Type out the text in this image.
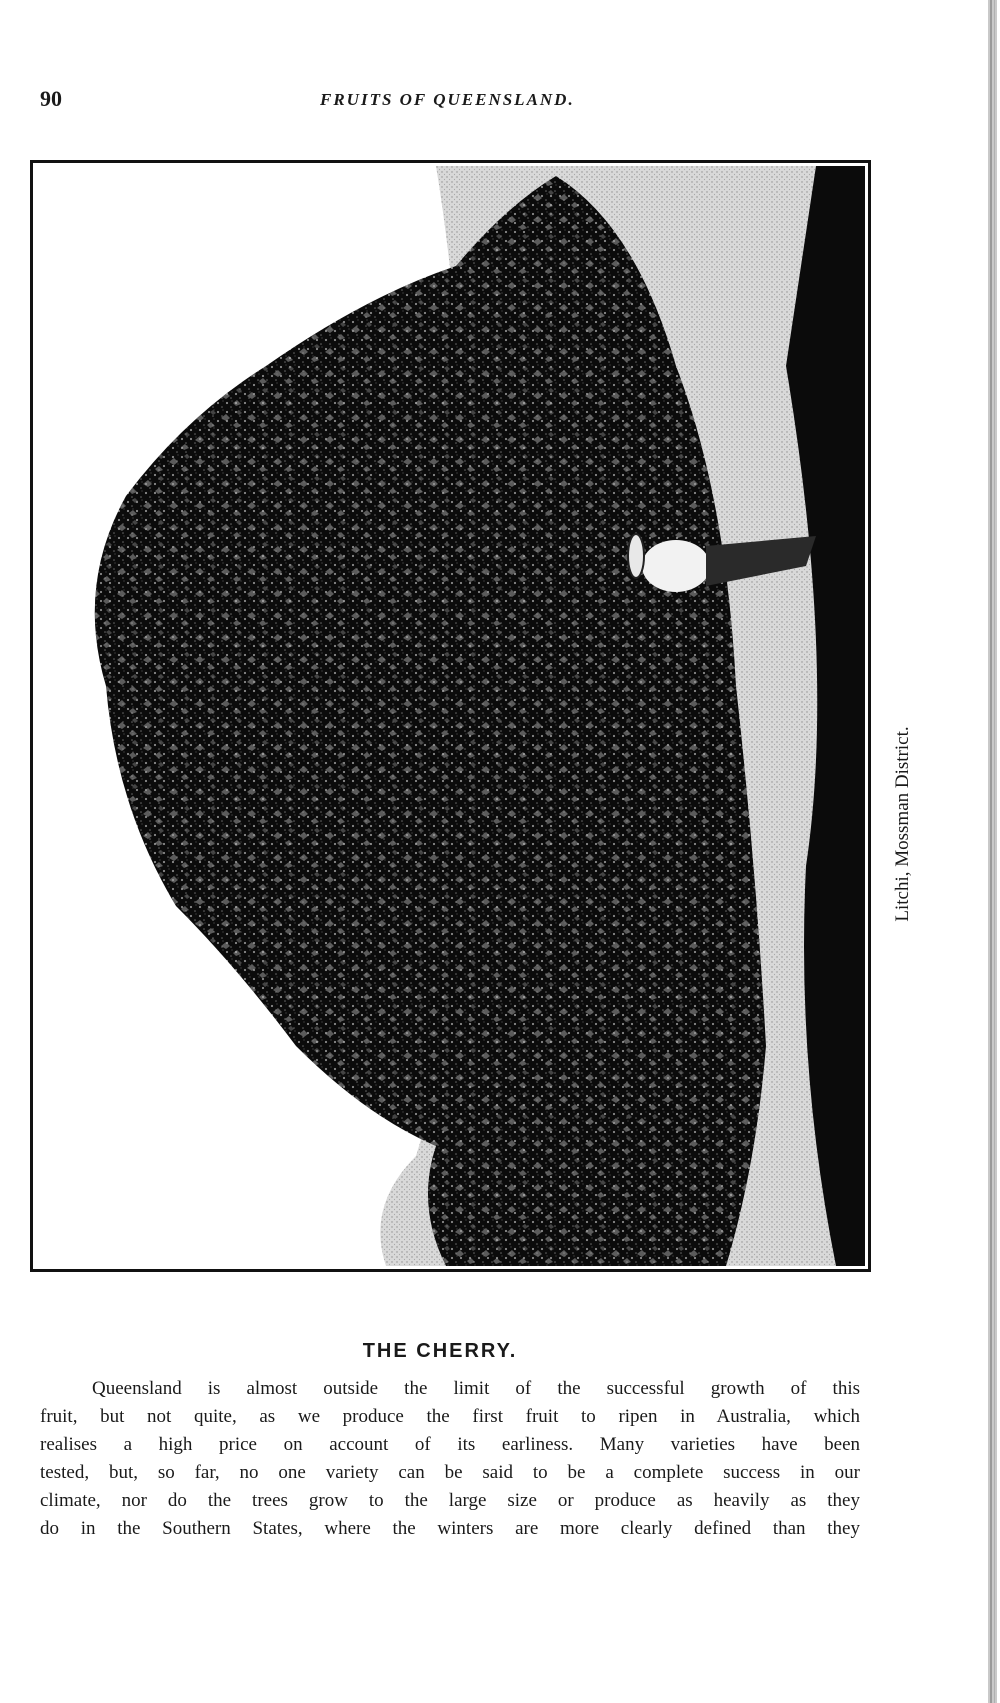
90	FRUITS OF QUEENSLAND.
Litchi, Mossman District.
THE CHERRY.
Queensland is almost outside the limit of the successful growth of this
fruit, but not quite, as we produce the first fruit to ripen in Australia, which
realises a high price on account of its earliness. Many varieties have been
tested, but, so far, no one variety can be said to be a complete success in our
climate, nor do the trees grow to the large size or produce as heavily as they
do in the Southern States, where the winters are more clearly defined than they
